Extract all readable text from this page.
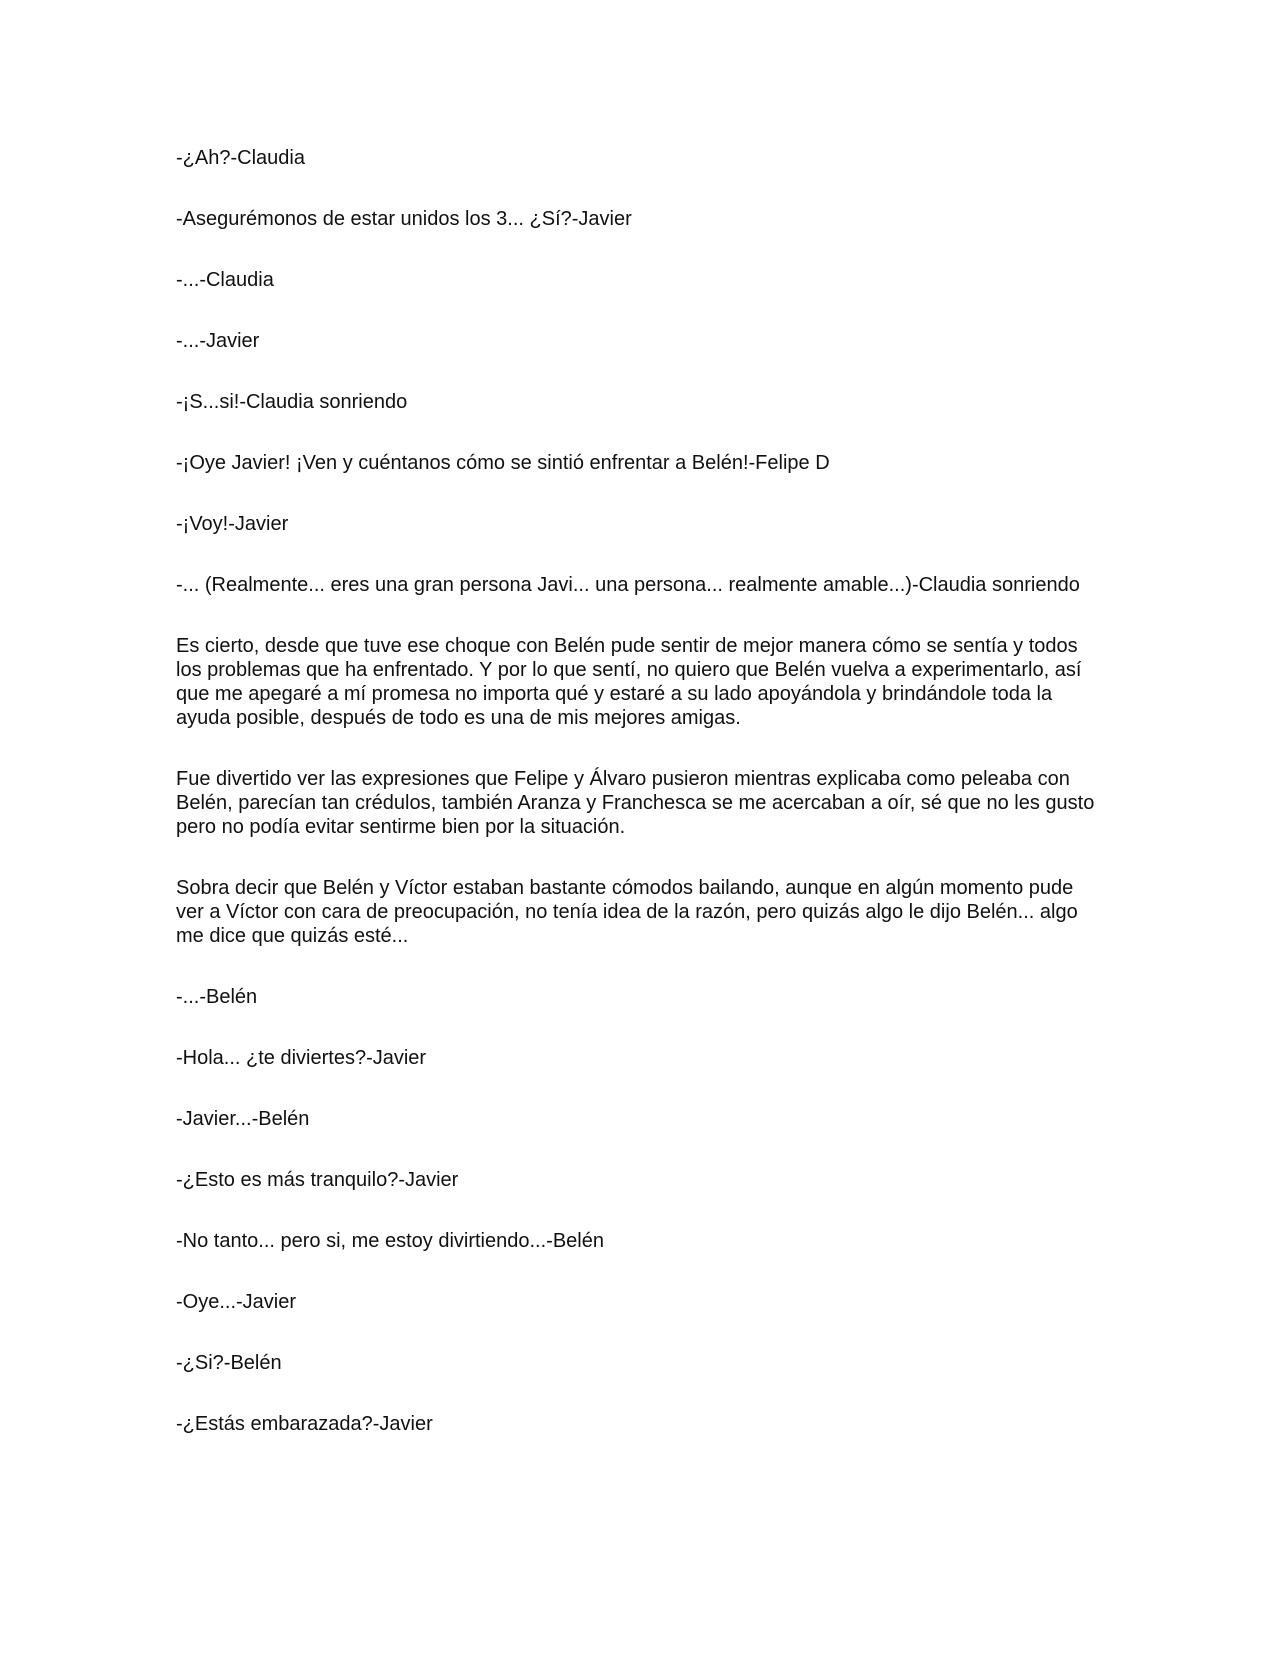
-¿Ah?-Claudia

-Asegurémonos de estar unidos los 3... ¿Sí?-Javier

-...-Claudia

-...-Javier

-¡S...si!-Claudia sonriendo

-¡Oye Javier! ¡Ven y cuéntanos cómo se sintió enfrentar a Belén!-Felipe D

-¡Voy!-Javier

-... (Realmente... eres una gran persona Javi... una persona... realmente amable...)-Claudia sonriendo

Es cierto, desde que tuve ese choque con Belén pude sentir de mejor manera cómo se sentía y todos los problemas que ha enfrentado. Y por lo que sentí, no quiero que Belén vuelva a experimentarlo, así que me apegaré a mí promesa no importa qué y estaré a su lado apoyándola y brindándole toda la ayuda posible, después de todo es una de mis mejores amigas.

Fue divertido ver las expresiones que Felipe y Álvaro pusieron mientras explicaba como peleaba con Belén, parecían tan crédulos, también Aranza y Franchesca se me acercaban a oír, sé que no les gusto pero no podía evitar sentirme bien por la situación.

Sobra decir que Belén y Víctor estaban bastante cómodos bailando, aunque en algún momento pude ver a Víctor con cara de preocupación, no tenía idea de la razón, pero quizás algo le dijo Belén... algo me dice que quizás esté...

-...-Belén

-Hola... ¿te diviertes?-Javier

-Javier...-Belén

-¿Esto es más tranquilo?-Javier

-No tanto... pero si, me estoy divirtiendo...-Belén

-Oye...-Javier

-¿Si?-Belén

-¿Estás embarazada?-Javier
